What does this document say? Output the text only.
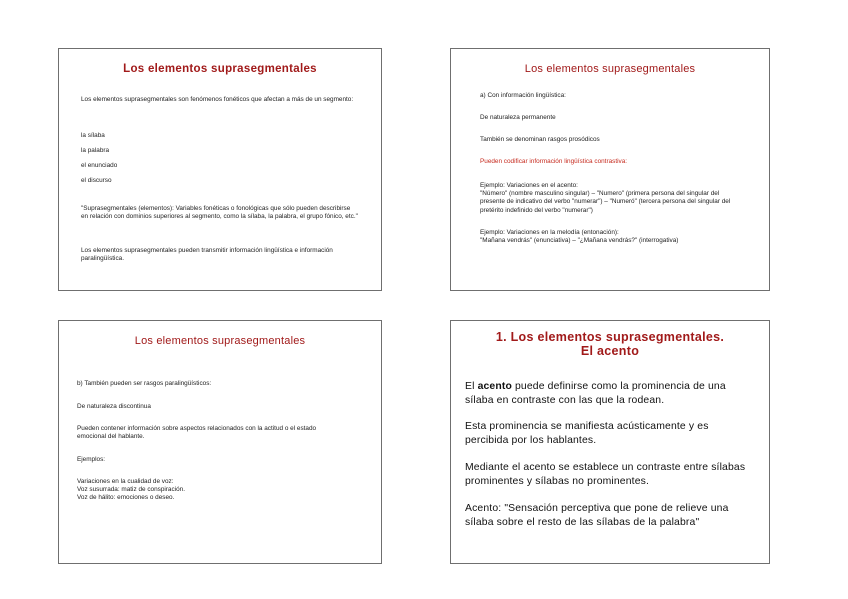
Los elementos suprasegmentales
Los elementos suprasegmentales son fenómenos fonéticos que afectan a más de un segmento:
la sílaba
la palabra
el enunciado
el discurso
"Suprasegmentales (elementos): Variables fonéticas o fonológicas que sólo pueden describirse en relación con dominios superiores al segmento, como la sílaba, la palabra, el grupo fónico, etc."
Los elementos suprasegmentales pueden transmitir información lingüística e información paralingüística.
Los elementos suprasegmentales
a) Con información lingüística:
De naturaleza permanente
También se denominan rasgos prosódicos
Pueden codificar información lingüística contrastiva:
Ejemplo: Variaciones en el acento:
"Número" (nombre masculino singular) – "Numero" (primera persona del singular del presente de indicativo del verbo "numerar") – "Numeró" (tercera persona del singular del pretérito indefinido del verbo "numerar")
Ejemplo: Variaciones en la melodía (entonación):
"Mañana vendrás" (enunciativa) – "¿Mañana vendrás?" (interrogativa)
Los elementos suprasegmentales
b) También pueden ser rasgos paralingüísticos:
De naturaleza discontinua
Pueden contener información sobre aspectos relacionados con la actitud o el estado emocional del hablante.
Ejemplos:
Variaciones en la cualidad de voz:
Voz susurrada: matiz de conspiración.
Voz de hálito: emociones o deseo.
1. Los elementos suprasegmentales.
El acento
El acento puede definirse como la prominencia de una sílaba en contraste con las que la rodean.
Esta prominencia se manifiesta acústicamente y es percibida por los hablantes.
Mediante el acento se establece un contraste entre sílabas prominentes y sílabas no prominentes.
Acento: "Sensación perceptiva que pone de relieve una sílaba sobre el resto de las sílabas de la palabra"
